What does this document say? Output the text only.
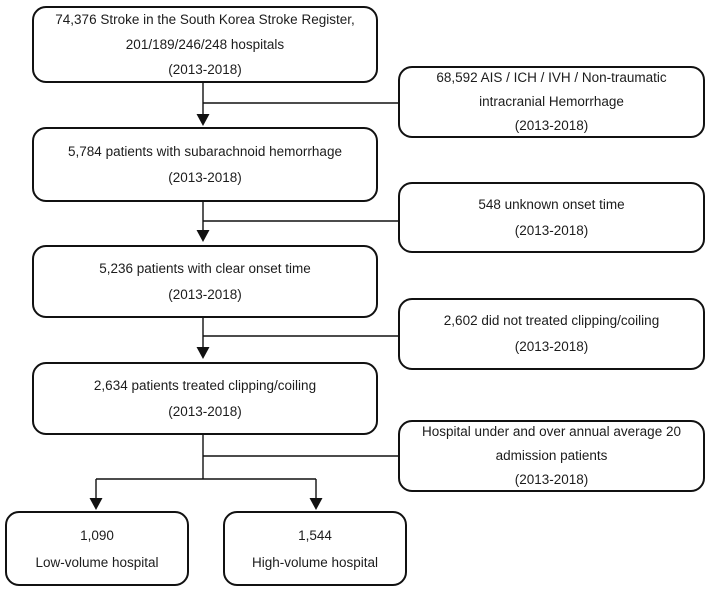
74,376 Stroke in the South Korea Stroke Register,
201/189/246/248 hospitals
(2013-2018)
5,784 patients with subarachnoid hemorrhage
(2013-2018)
5,236 patients with clear onset time
(2013-2018)
2,634 patients treated clipping/coiling
(2013-2018)
68,592 AIS / ICH / IVH / Non-traumatic
intracranial Hemorrhage
(2013-2018)
548 unknown onset time
(2013-2018)
2,602 did not treated clipping/coiling
(2013-2018)
Hospital under and over annual average 20
admission patients
(2013-2018)
1,090
Low-volume hospital
1,544
High-volume hospital
